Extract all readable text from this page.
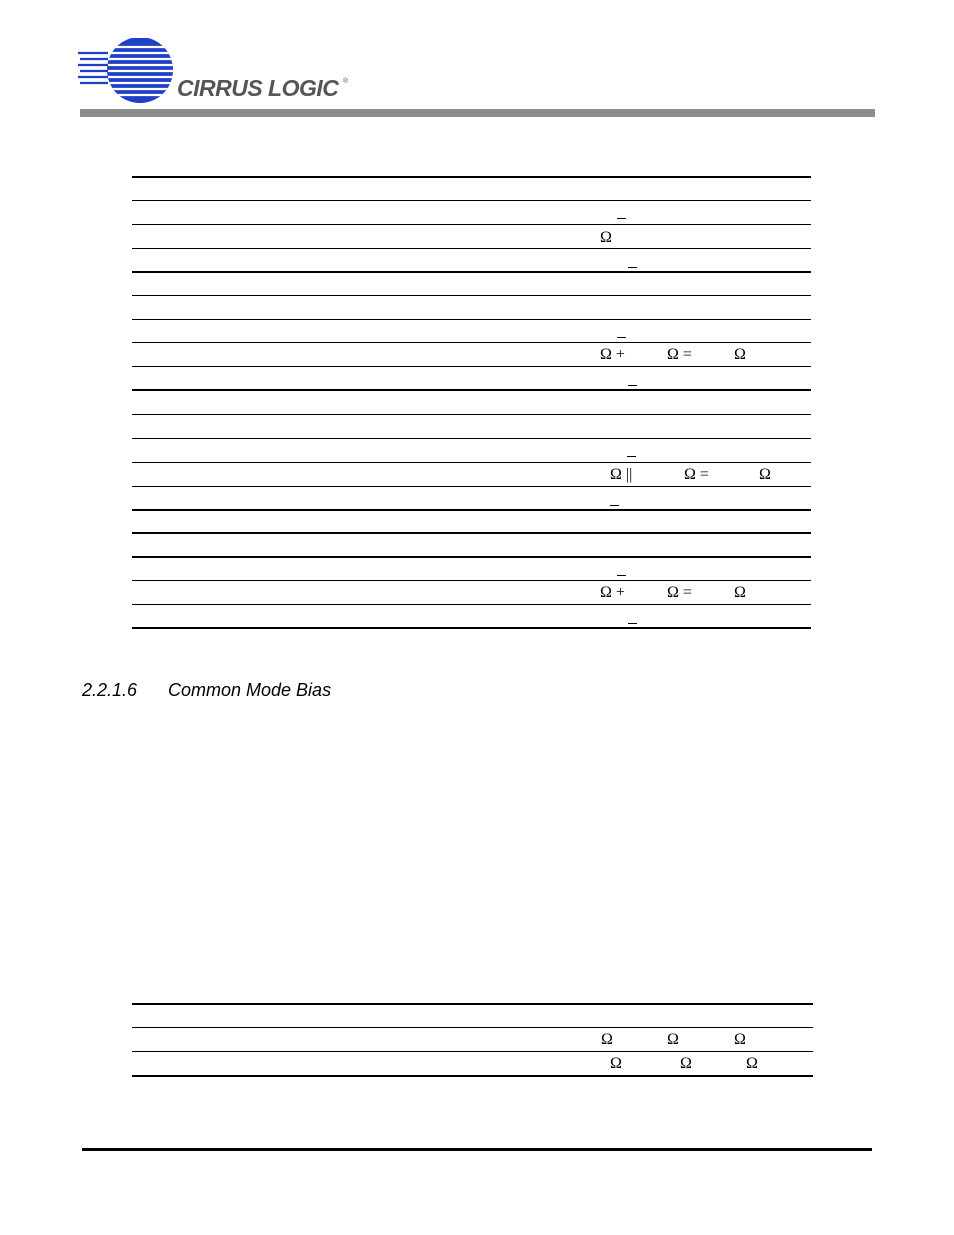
CIRRUS LOGIC ®
Ω
Ω +	Ω =	Ω
Ω ||	Ω =	Ω
Ω +	Ω =	Ω
2.2.1.6 Common Mode Bias
Ω	Ω	Ω
Ω	Ω	Ω
